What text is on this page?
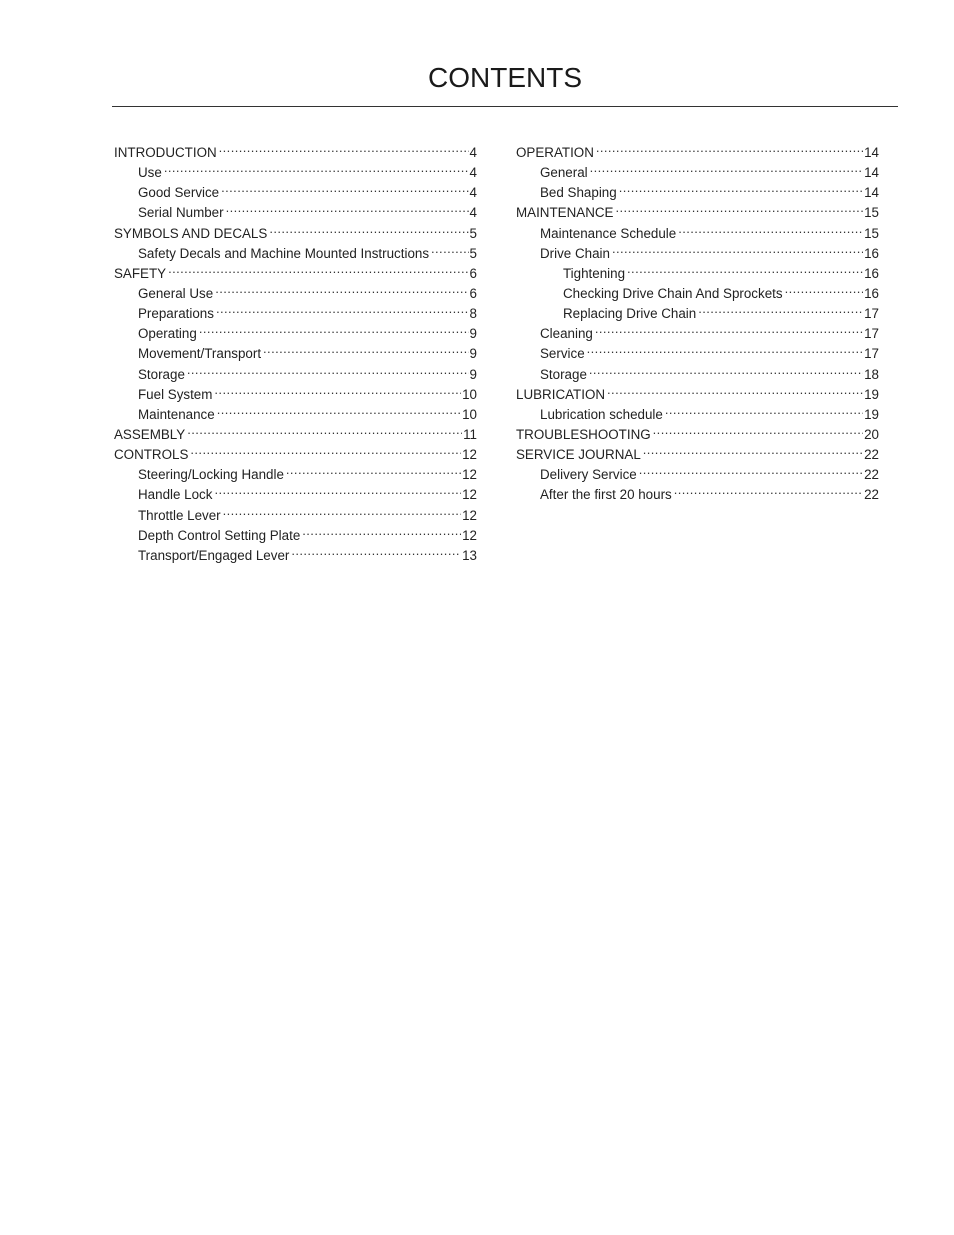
CONTENTS
INTRODUCTION .....	4
Use .....	4
Good Service .....	4
Serial Number .....	4
SYMBOLS AND DECALS .....	5
Safety Decals and Machine Mounted Instructions .....	5
SAFETY .....	6
General Use .....	6
Preparations .....	8
Operating .....	9
Movement/Transport .....	9
Storage .....	9
Fuel System .....	10
Maintenance .....	10
ASSEMBLY .....	11
CONTROLS .....	12
Steering/Locking Handle .....	12
Handle Lock .....	12
Throttle Lever .....	12
Depth Control Setting Plate .....	12
Transport/Engaged Lever .....	13
OPERATION .....	14
General .....	14
Bed Shaping .....	14
MAINTENANCE .....	15
Maintenance Schedule .....	15
Drive Chain .....	16
Tightening .....	16
Checking Drive Chain And Sprockets .....	16
Replacing Drive Chain .....	17
Cleaning .....	17
Service .....	17
Storage .....	18
LUBRICATION .....	19
Lubrication schedule .....	19
TROUBLESHOOTING .....	20
SERVICE JOURNAL .....	22
Delivery Service .....	22
After the first 20 hours .....	22
